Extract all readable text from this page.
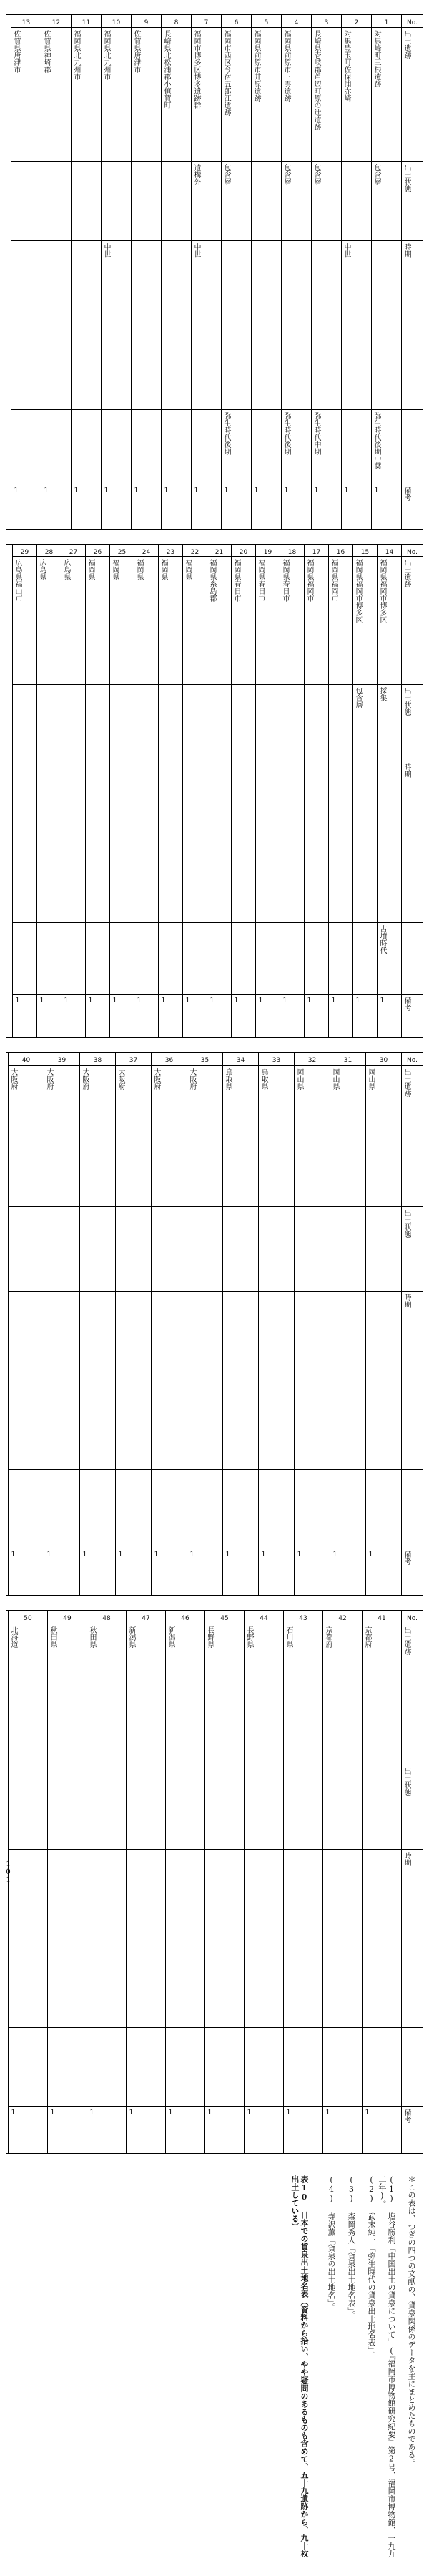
101
No.
出土遺跡
出土状態
時期
備考
1
対馬峰町三根遺跡
包含層
弥生時代後期中葉
1
2
対馬豊玉町佐保浦赤崎
中世
1
3
長崎県壱岐郡芦辺町原の辻遺跡
包含層
弥生時代中期
1
4
福岡県前原市三雲遺跡
包含層
弥生時代後期
1
5
福岡県前原市井原遺跡
1
6
福岡市西区今宿五郎江遺跡
包含層
弥生時代後期
1
7
福岡市博多区博多遺跡群
遺構外
中世
1
8
長崎県北松浦郡小値賀町
1
9
佐賀県唐津市
1
10
福岡県北九州市
中世
1
11
福岡県北九州市
1
12
佐賀県神埼郡
1
13
佐賀県唐津市
1
No.
出土遺跡
出土状態
時期
備考
14
福岡県福岡市博多区
採集
古墳時代
1
15
福岡県福岡市博多区
包含層
1
16
福岡県福岡市
1
17
福岡県福岡市
1
18
福岡県春日市
1
19
福岡県春日市
1
20
福岡県春日市
1
21
福岡県糸島郡
1
22
福岡県
1
23
福岡県
1
24
福岡県
1
25
福岡県
1
26
福岡県
1
27
広島県
1
28
広島県
1
29
広島県福山市
1
No.
出土遺跡
出土状態
時期
備考
30
岡山県
1
31
岡山県
1
32
岡山県
1
33
鳥取県
1
34
鳥取県
1
35
大阪府
1
36
大阪府
1
37
大阪府
1
38
大阪府
1
39
大阪府
1
40
大阪府
1
No.
出土遺跡
出土状態
時期
備考
41
京都府
1
42
京都府
1
43
石川県
1
44
長野県
1
45
長野県
1
46
新潟県
1
47
新潟県
1
48
秋田県
1
49
秋田県
1
50
北海道
1
＊この表は、つぎの四つの文献の、貨泉関係のデータを主にまとめたものである。
(1) 塩谷勝利「中国出土の貨泉について」(『福岡市博物館研究紀要』第2号、福岡市博物館、一九九二年)。
(2) 武末純一「弥生時代の貨泉出土地名表」。
(3) 森岡秀人「貨泉出土地名表」。
(4) 寺沢薫「貨泉の出土地名」。
表10 日本での貨泉出土地名表（資料から拾い、やや疑問のあるものも含めて、五十九遺跡から、九十枚出土している）
